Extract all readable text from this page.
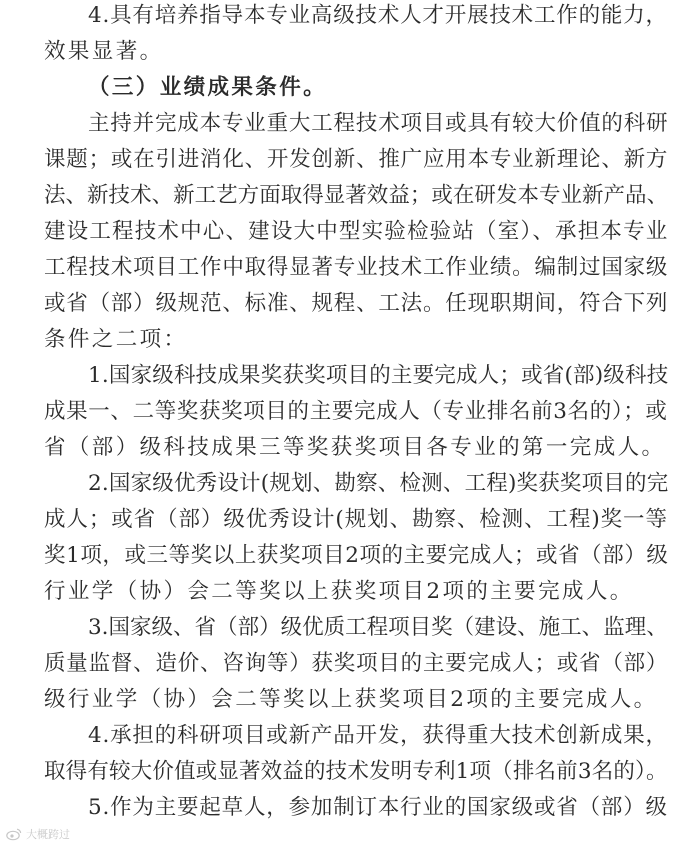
4.具有培养指导本专业高级技术人才开展技术工作的能力，
效果显著。
（三）业绩成果条件。
主持并完成本专业重大工程技术项目或具有较大价值的科研
课题；或在引进消化、开发创新、推广应用本专业新理论、新方
法、新技术、新工艺方面取得显著效益；或在研发本专业新产品、
建设工程技术中心、建设大中型实验检验站（室）、承担本专业
工程技术项目工作中取得显著专业技术工作业绩。编制过国家级
或省（部）级规范、标准、规程、工法。任现职期间，符合下列
条件之二项：
1.国家级科技成果奖获奖项目的主要完成人；或省(部)级科技
成果一、二等奖获奖项目的主要完成人（专业排名前3名的）；或
省（部）级科技成果三等奖获奖项目各专业的第一完成人。
2.国家级优秀设计(规划、勘察、检测、工程)奖获奖项目的完
成人；或省（部）级优秀设计(规划、勘察、检测、工程)奖一等
奖1项，或三等奖以上获奖项目2项的主要完成人；或省（部）级
行业学（协）会二等奖以上获奖项目2项的主要完成人。
3.国家级、省（部）级优质工程项目奖（建设、施工、监理、
质量监督、造价、咨询等）获奖项目的主要完成人；或省（部）
级行业学（协）会二等奖以上获奖项目2项的主要完成人。
4.承担的科研项目或新产品开发，获得重大技术创新成果，
取得有较大价值或显著效益的技术发明专利1项（排名前3名的）。
5.作为主要起草人，参加制订本行业的国家级或省（部）级
大概跨过
